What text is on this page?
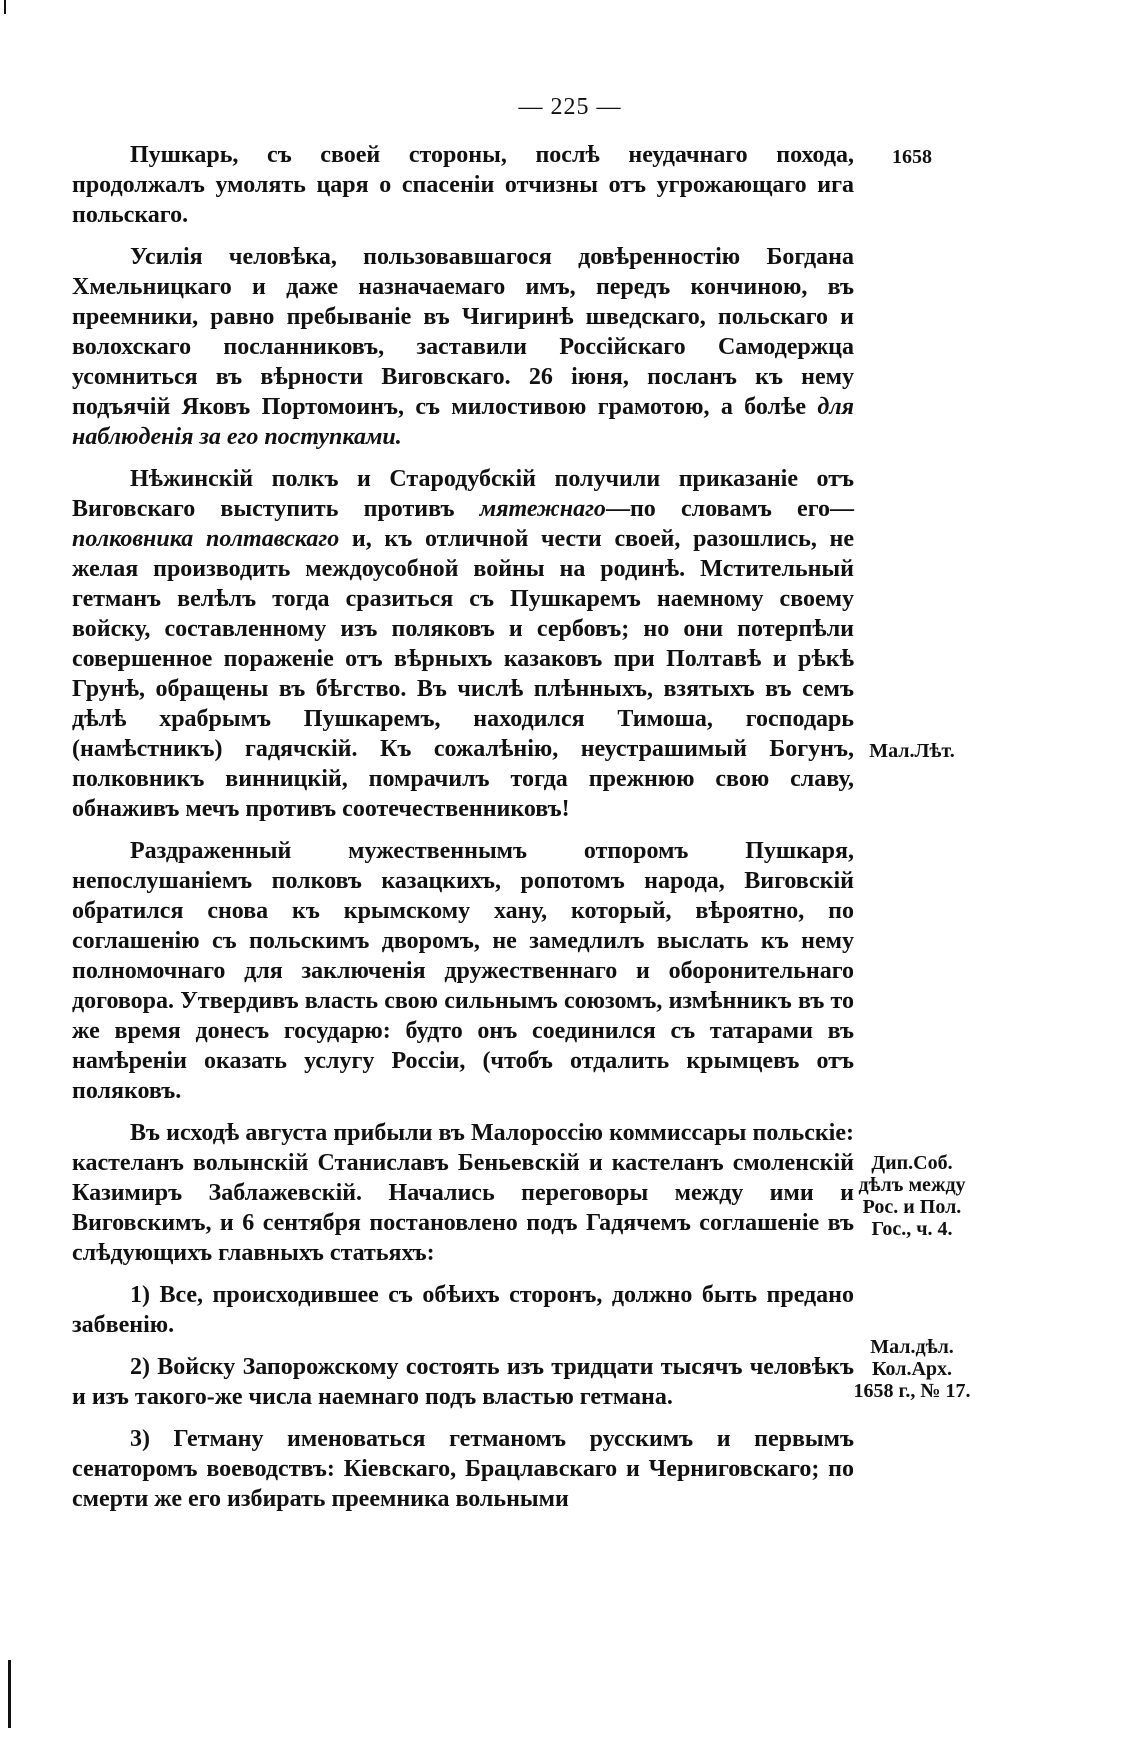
— 225 —

Пушкарь, съ своей стороны, послѣ неудачнаго похода, продолжалъ умолять царя о спасеніи отчизны отъ угрожающаго ига польскаго.

Усилія человѣка, пользовавшагося довѣренностію Богдана Хмельницкаго и даже назначаемаго имъ, передъ кончиною, въ преемники, равно пребываніе въ Чигиринѣ шведскаго, польскаго и волохскаго посланниковъ, заставили Россійскаго Самодержца усомниться въ вѣрности Виговскаго. 26 іюня, посланъ къ нему подъячій Яковъ Портомоинъ, съ милостивою грамотою, а болѣе для наблюденія за его поступками.

Нѣжинскій полкъ и Стародубскій получили приказаніе отъ Виговскаго выступить противъ мятежнаго—по словамъ его—полковника полтавскаго и, къ отличной чести своей, разошлись, не желая производить междоусобной войны на родинѣ. Мстительный гетманъ велѣлъ тогда сразиться съ Пушкаремъ наемному своему войску, составленному изъ поляковъ и сербовъ; но они потерпѣли совершенное пораженіе отъ вѣрныхъ казаковъ при Полтавѣ и рѣкѣ Грунѣ, обращены въ бѣгство. Въ числѣ плѣнныхъ, взятыхъ въ семъ дѣлѣ храбрымъ Пушкаремъ, находился Тимоша, господарь (намѣстникъ) гадячскій. Къ сожалѣнію, неустрашимый Богунъ, полковникъ винницкій, помрачилъ тогда прежнюю свою славу, обнаживъ мечъ противъ соотечественниковъ!

Раздраженный мужественнымъ отпоромъ Пушкаря, непослушаніемъ полковъ казацкихъ, ропотомъ народа, Виговскій обратился снова къ крымскому хану, который, вѣроятно, по соглашенію съ польскимъ дворомъ, не замедлилъ выслать къ нему полномочнаго для заключенія дружественнаго и оборонительнаго договора. Утвердивъ власть свою сильнымъ союзомъ, измѣнникъ въ то же время донесъ государю: будто онъ соединился съ татарами въ намѣреніи оказать услугу Россіи, (чтобъ отдалить крымцевъ отъ поляковъ.

Въ исходѣ августа прибыли въ Малороссію коммиссары польскіе: кастеланъ волынскій Станиславъ Беньевскій и кастеланъ смоленскій Казимиръ Заблажевскій. Начались переговоры между ими и Виговскимъ, и 6 сентября постановлено подъ Гадячемъ соглашеніе въ слѣдующихъ главныхъ статьяхъ:

1) Все, происходившее съ обѣихъ сторонъ, должно быть предано забвенію.

2) Войску Запорожскому состоять изъ тридцати тысячъ человѣкъ и изъ такого-же числа наемнаго подъ властью гетмана.

3) Гетману именоваться гетманомъ русскимъ и первымъ сенаторомъ воеводствъ: Кіевскаго, Брацлавскаго и Черниговскаго; по смерти же его избирать преемника вольными

1658
Мал.Лѣт.
Дип.Соб. дѣлъ между Рос. и Пол. Гос., ч. 4.
Мал.дѣл. Кол.Арх. 1658 г., № 17.
